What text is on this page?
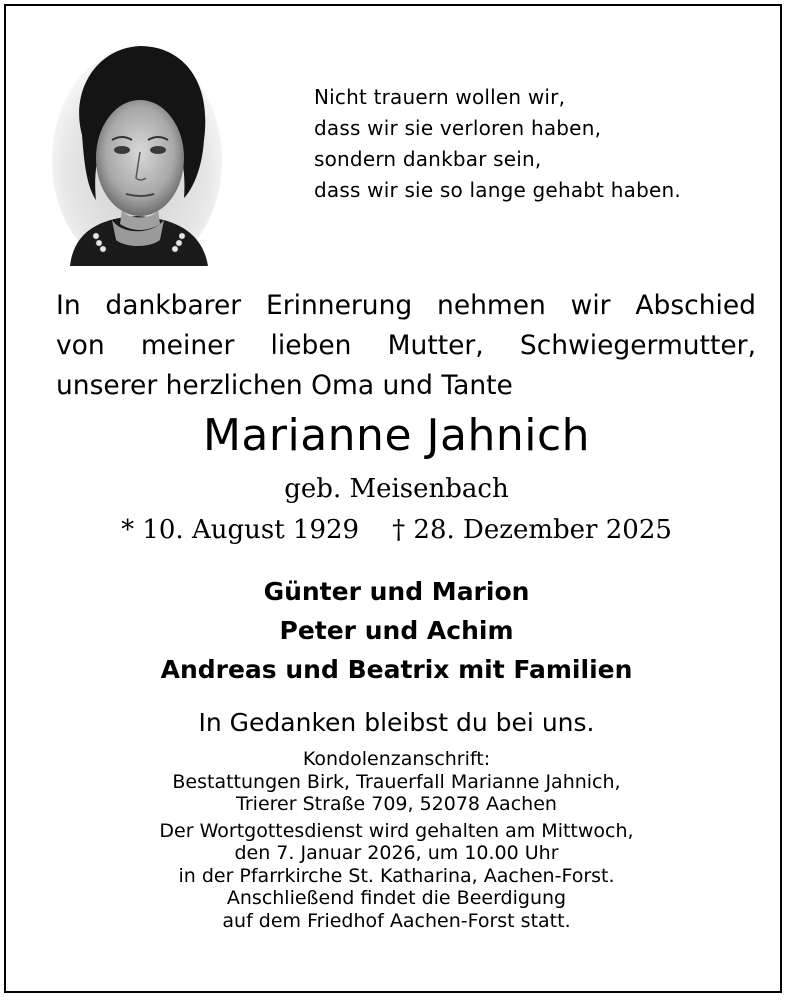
Nicht trauern wollen wir,
dass wir sie verloren haben,
sondern dankbar sein,
dass wir sie so lange gehabt haben.
In dankbarer Erinnerung nehmen wir Abschied
von meiner lieben Mutter, Schwiegermutter,
unserer herzlichen Oma und Tante
Marianne Jahnich
geb. Meisenbach
* 10. August 1929 † 28. Dezember 2025
Günter und Marion
Peter und Achim
Andreas und Beatrix mit Familien
In Gedanken bleibst du bei uns.
Kondolenzanschrift:
Bestattungen Birk, Trauerfall Marianne Jahnich,
Trierer Straße 709, 52078 Aachen
Der Wortgottesdienst wird gehalten am Mittwoch,
den 7. Januar 2026, um 10.00 Uhr
in der Pfarrkirche St. Katharina, Aachen-Forst.
Anschließend findet die Beerdigung
auf dem Friedhof Aachen-Forst statt.
